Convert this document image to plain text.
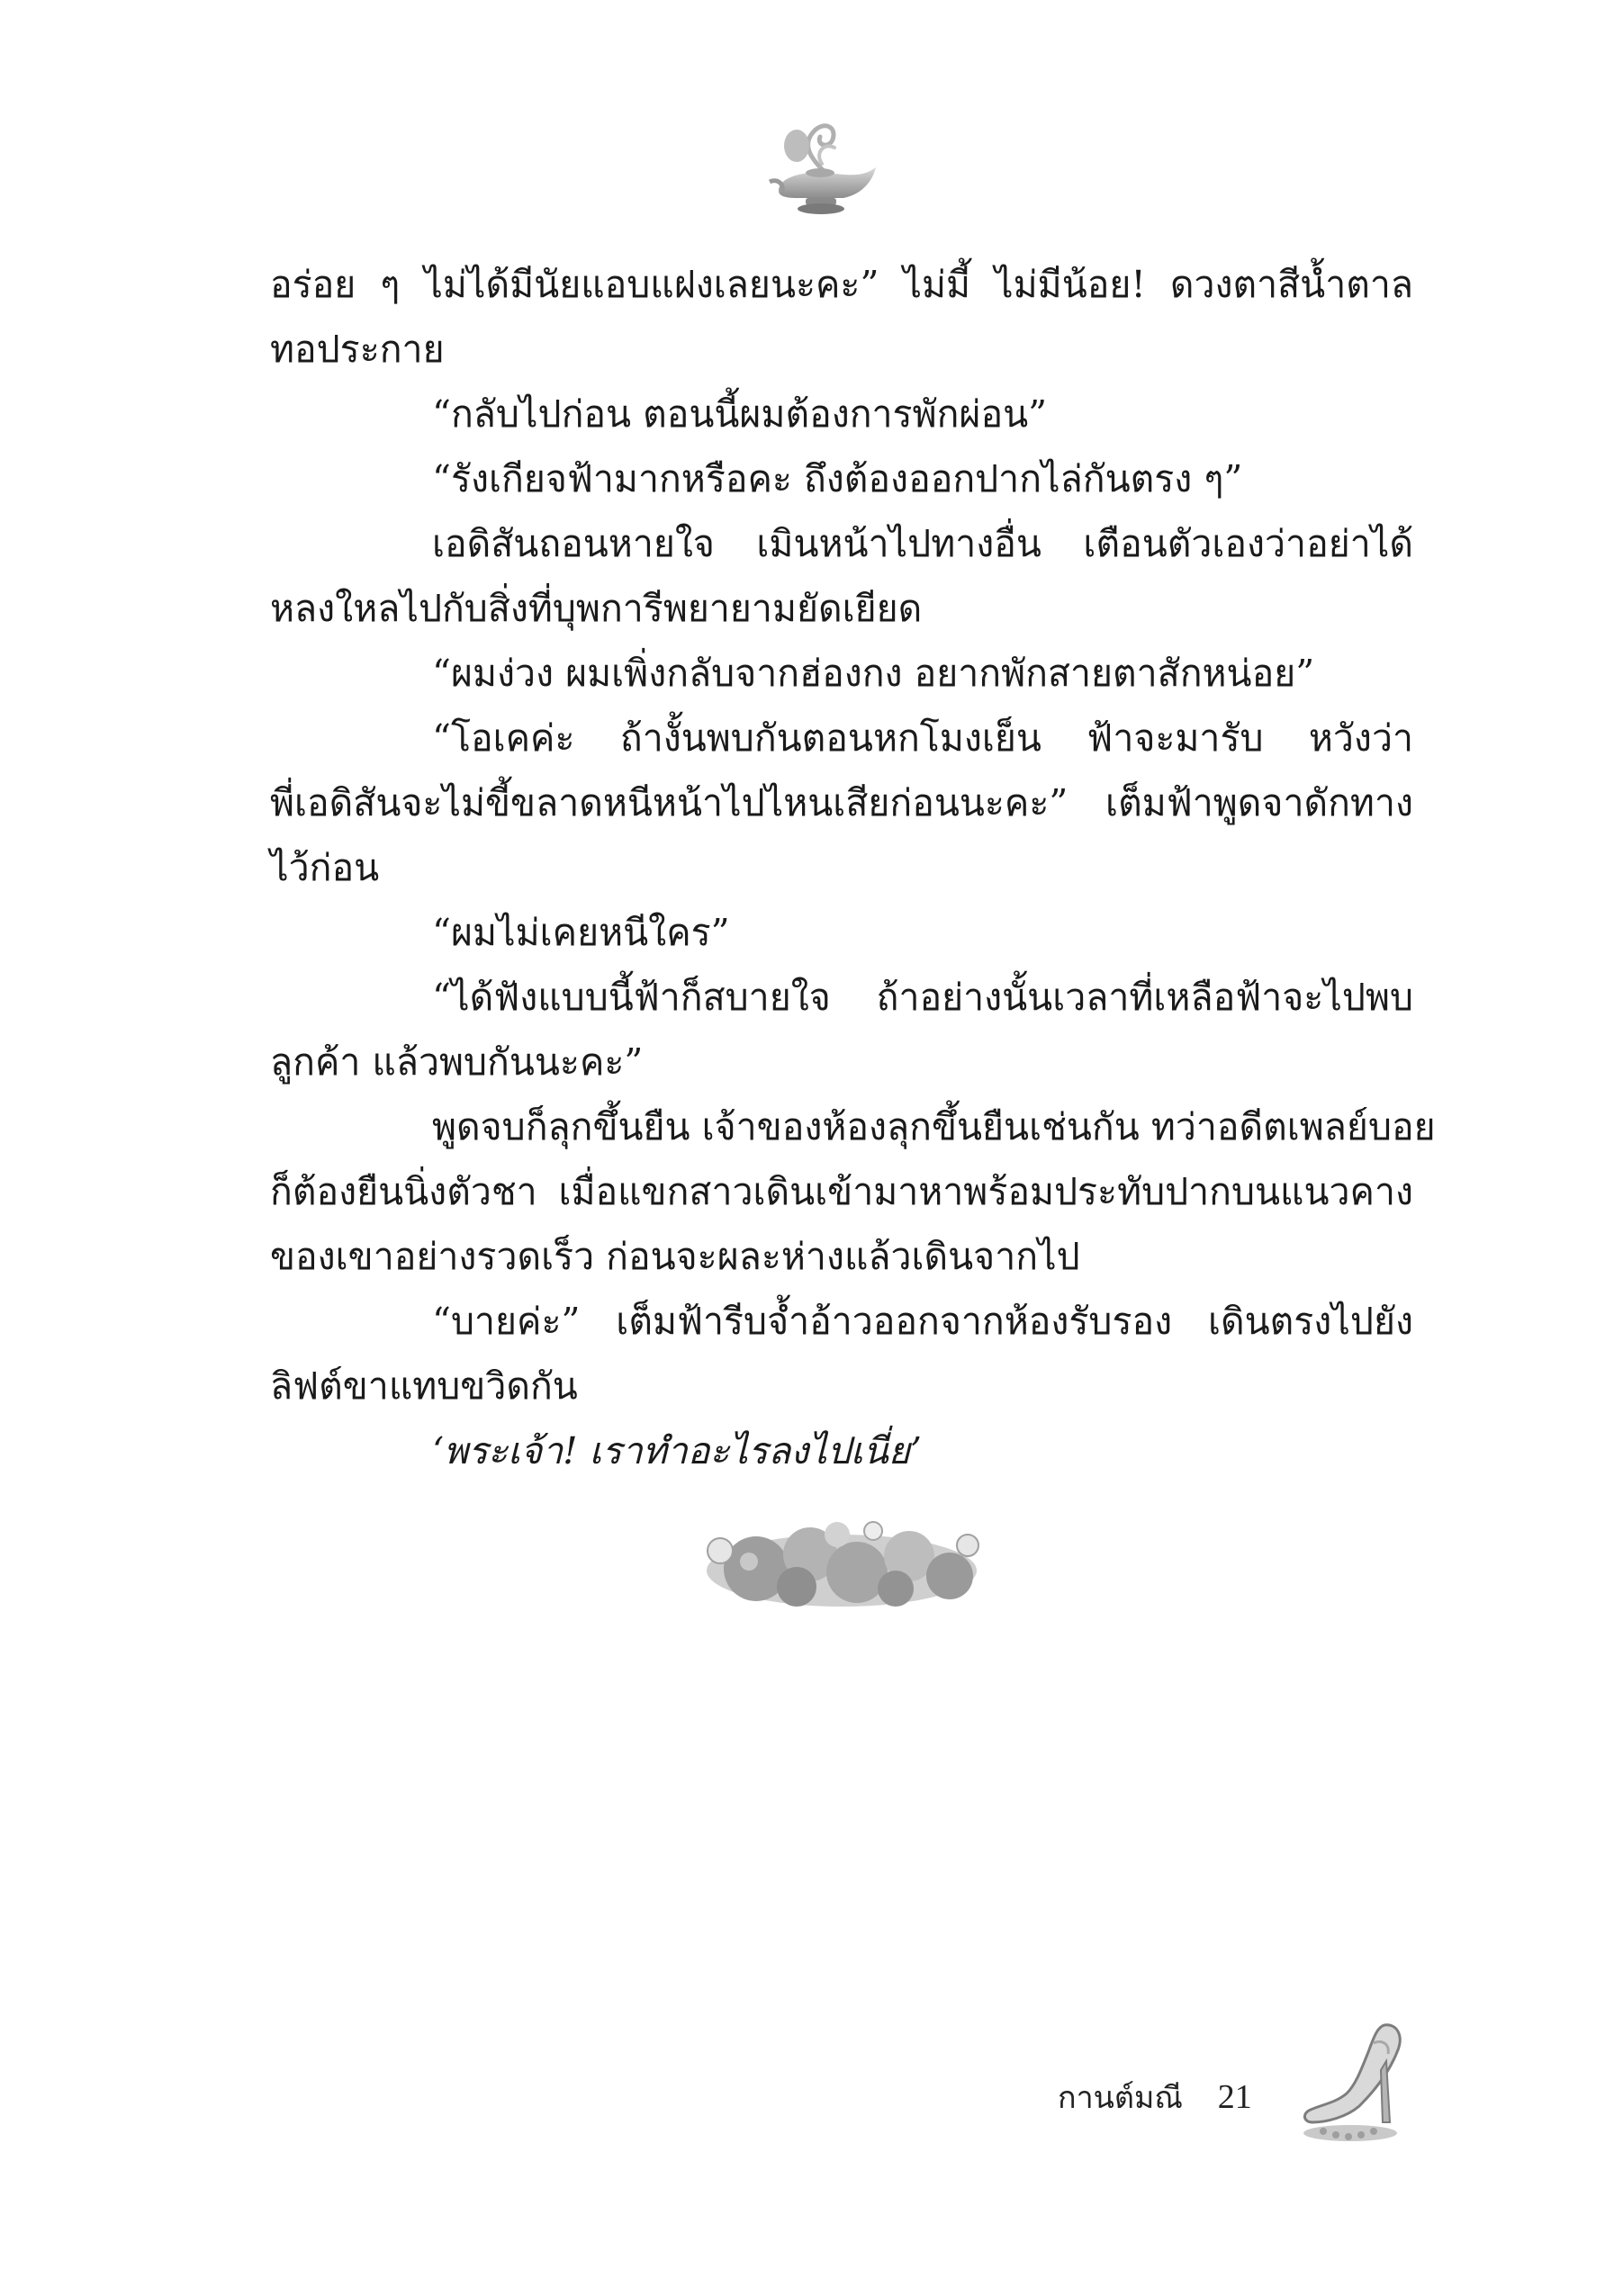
อร่อย ๆ ไม่ได้มีนัยแอบแฝงเลยนะคะ” ไม่มี้ ไม่มีน้อย! ดวงตาสีน้ำตาล
ทอประกาย
“กลับไปก่อน ตอนนี้ผมต้องการพักผ่อน”
“รังเกียจฟ้ามากหรือคะ ถึงต้องออกปากไล่กันตรง ๆ”
เอดิสันถอนหายใจ เมินหน้าไปทางอื่น เตือนตัวเองว่าอย่าได้
หลงใหลไปกับสิ่งที่บุพการีพยายามยัดเยียด
“ผมง่วง ผมเพิ่งกลับจากฮ่องกง อยากพักสายตาสักหน่อย”
“โอเคค่ะ ถ้างั้นพบกันตอนหกโมงเย็น ฟ้าจะมารับ หวังว่า
พี่เอดิสันจะไม่ขี้ขลาดหนีหน้าไปไหนเสียก่อนนะคะ” เต็มฟ้าพูดจาดักทาง
ไว้ก่อน
“ผมไม่เคยหนีใคร”
“ได้ฟังแบบนี้ฟ้าก็สบายใจ ถ้าอย่างนั้นเวลาที่เหลือฟ้าจะไปพบ
ลูกค้า แล้วพบกันนะคะ”
พูดจบก็ลุกขึ้นยืน เจ้าของห้องลุกขึ้นยืนเช่นกัน ทว่าอดีตเพลย์บอย
ก็ต้องยืนนิ่งตัวชา เมื่อแขกสาวเดินเข้ามาหาพร้อมประทับปากบนแนวคาง
ของเขาอย่างรวดเร็ว ก่อนจะผละห่างแล้วเดินจากไป
“บายค่ะ” เต็มฟ้ารีบจ้ำอ้าวออกจากห้องรับรอง เดินตรงไปยัง
ลิฟต์ขาแทบขวิดกัน
‘พระเจ้า! เราทำอะไรลงไปเนี่ย’
กานต์มณี 21
